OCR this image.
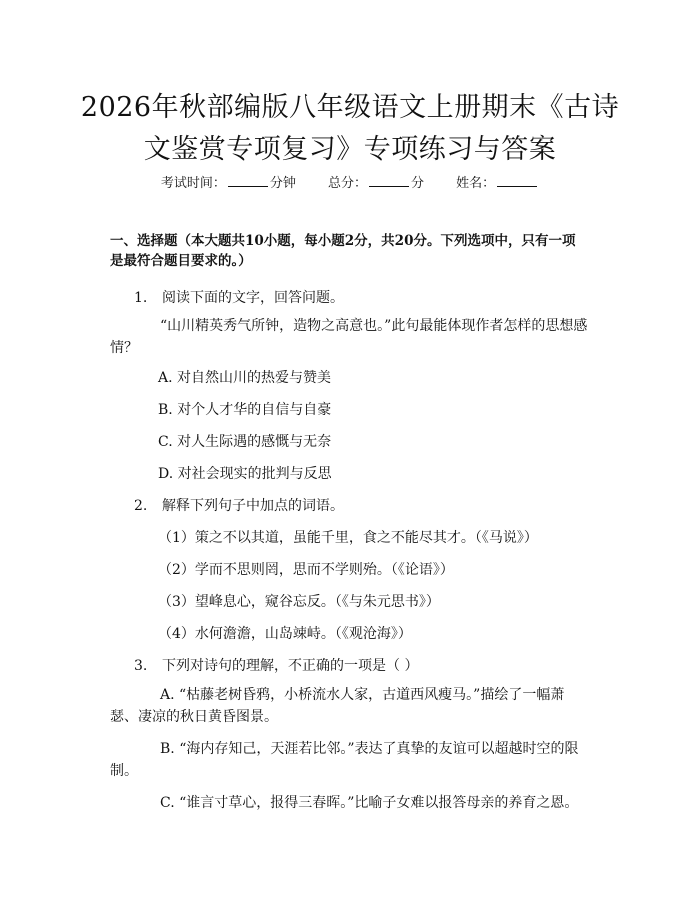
2026年秋部编版八年级语文上册期末《古诗
文鉴赏专项复习》专项练习与答案
考试时间：	分钟 总分：	分 姓名：
一、选择题（本大题共10小题，每小题2分，共20分。下列选项中，只有一项
是最符合题目要求的。）
1. 阅读下面的文字，回答问题。
“山川精英秀气所钟，造物之高意也。”此句最能体现作者怎样的思想感情？
A. 对自然山川的热爱与赞美
B. 对个人才华的自信与自豪
C. 对人生际遇的感慨与无奈
D. 对社会现实的批判与反思
2. 解释下列句子中加点的词语。
（1）策之不以其道，虽能千里，食之不能尽其才。（《马说》）
（2）学而不思则罔，思而不学则殆。（《论语》）
（3）望峰息心，窥谷忘反。（《与朱元思书》）
（4）水何澹澹，山岛竦峙。（《观沧海》）
3. 下列对诗句的理解，不正确的一项是（ ）
A. “枯藤老树昏鸦，小桥流水人家，古道西风瘦马。”描绘了一幅萧瑟、凄凉的秋日黄昏图景。
B. “海内存知己，天涯若比邻。”表达了真挚的友谊可以超越时空的限制。
C. “谁言寸草心，报得三春晖。”比喻子女难以报答母亲的养育之恩。
